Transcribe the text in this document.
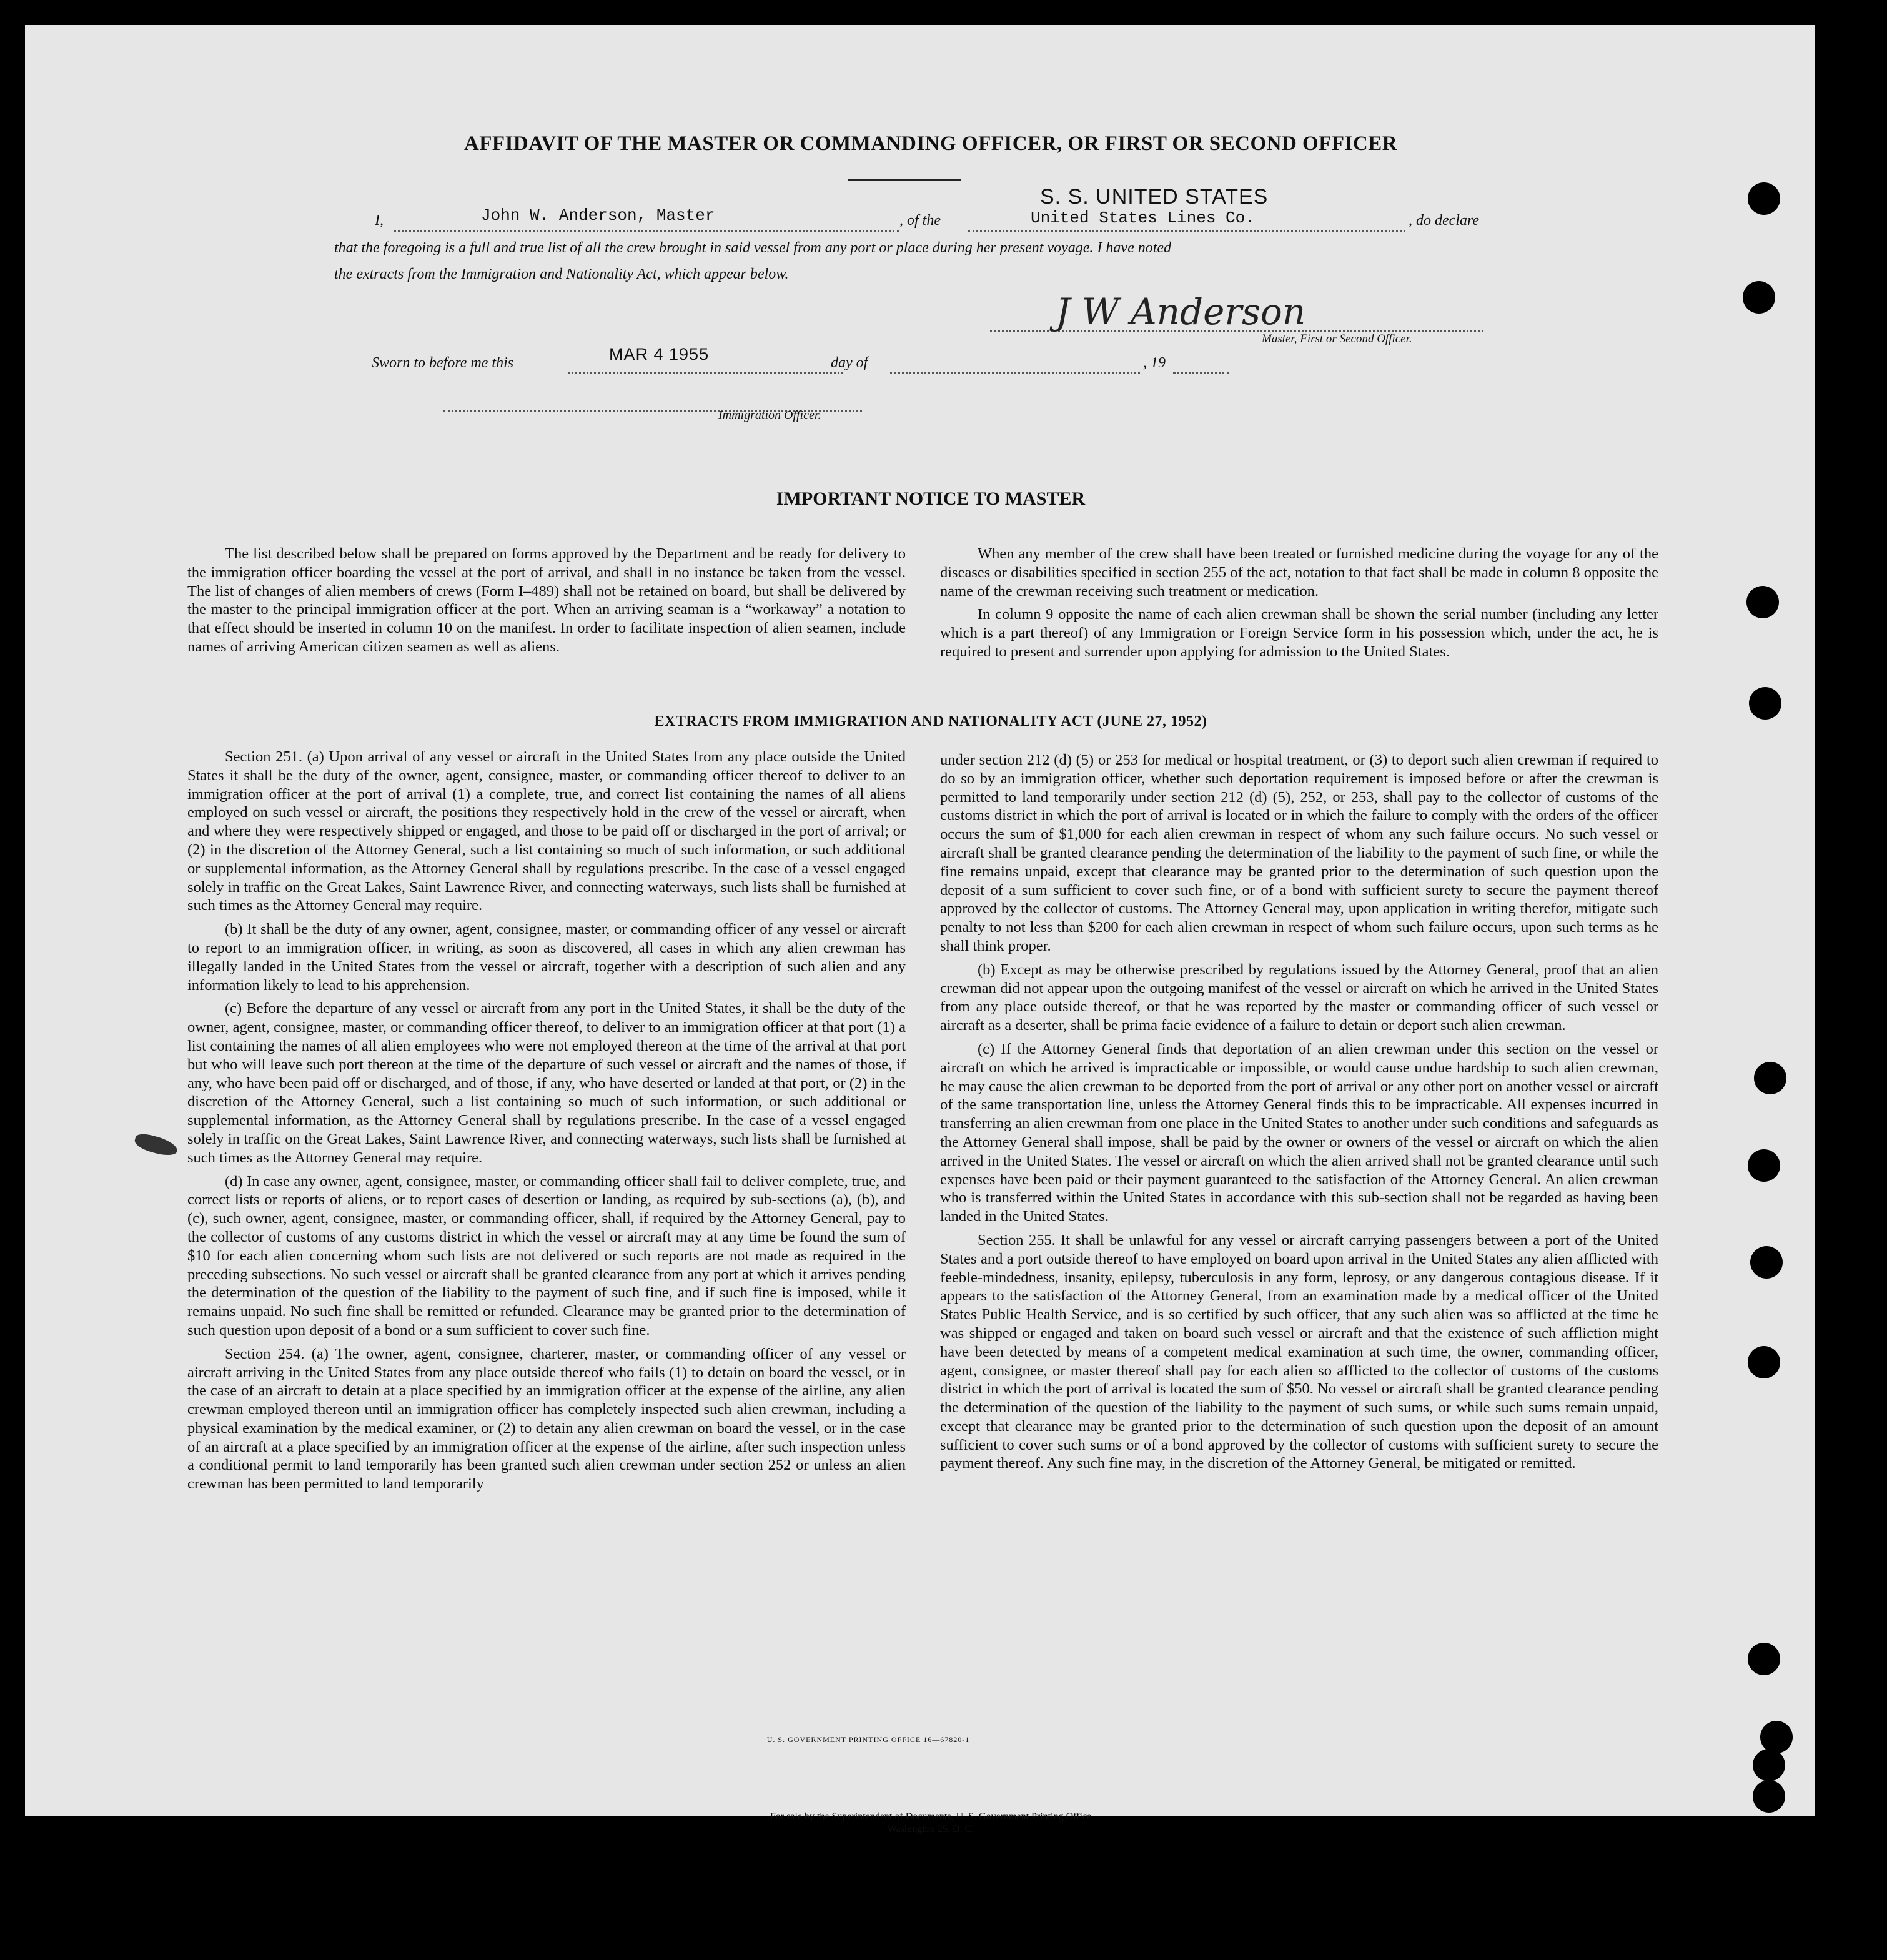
AFFIDAVIT OF THE MASTER OR COMMANDING OFFICER, OR FIRST OR SECOND OFFICER
I,	John W. Anderson, Master	, of the
S. S. UNITED STATES
United States Lines Co.	, do declare
that the foregoing is a full and true list of all the crew brought in said vessel from any port or place during her present voyage. I have noted
the extracts from the Immigration and Nationality Act, which appear below.
J W Anderson
Master, First or Second Officer.
Sworn to before me this	MAR 4 1955	day of	, 19
Immigration Officer.
IMPORTANT NOTICE TO MASTER

The list described below shall be prepared on forms approved by the Department and be ready for delivery to the immigration officer boarding the vessel at the port of arrival, and shall in no instance be taken from the vessel. The list of changes of alien members of crews (Form I–489) shall not be retained on board, but shall be delivered by the master to the principal immigration officer at the port. When an arriving seaman is a “workaway” a notation to that effect should be inserted in column 10 on the manifest. In order to facilitate inspection of alien seamen, include names of arriving American citizen seamen as well as aliens.

When any member of the crew shall have been treated or furnished medicine during the voyage for any of the diseases or disabilities specified in section 255 of the act, notation to that fact shall be made in column 8 opposite the name of the crewman receiving such treatment or medication.

In column 9 opposite the name of each alien crewman shall be shown the serial number (including any letter which is a part thereof) of any Immigration or Foreign Service form in his possession which, under the act, he is required to present and surrender upon applying for admission to the United States.

EXTRACTS FROM IMMIGRATION AND NATIONALITY ACT (JUNE 27, 1952)

Section 251. (a) Upon arrival of any vessel or aircraft in the United States from any place outside the United States it shall be the duty of the owner, agent, consignee, master, or commanding officer thereof to deliver to an immigration officer at the port of arrival (1) a complete, true, and correct list containing the names of all aliens employed on such vessel or aircraft, the positions they respectively hold in the crew of the vessel or aircraft, when and where they were respectively shipped or engaged, and those to be paid off or discharged in the port of arrival; or (2) in the discretion of the Attorney General, such a list containing so much of such information, or such additional or supplemental information, as the Attorney General shall by regulations prescribe. In the case of a vessel engaged solely in traffic on the Great Lakes, Saint Lawrence River, and connecting waterways, such lists shall be furnished at such times as the Attorney General may require.

(b) It shall be the duty of any owner, agent, consignee, master, or commanding officer of any vessel or aircraft to report to an immigration officer, in writing, as soon as discovered, all cases in which any alien crewman has illegally landed in the United States from the vessel or aircraft, together with a description of such alien and any information likely to lead to his apprehension.

(c) Before the departure of any vessel or aircraft from any port in the United States, it shall be the duty of the owner, agent, consignee, master, or commanding officer thereof, to deliver to an immigration officer at that port (1) a list containing the names of all alien employees who were not employed thereon at the time of the arrival at that port but who will leave such port thereon at the time of the departure of such vessel or aircraft and the names of those, if any, who have been paid off or discharged, and of those, if any, who have deserted or landed at that port, or (2) in the discretion of the Attorney General, such a list containing so much of such information, or such additional or supplemental information, as the Attorney General shall by regulations prescribe. In the case of a vessel engaged solely in traffic on the Great Lakes, Saint Lawrence River, and connecting waterways, such lists shall be furnished at such times as the Attorney General may require.

(d) In case any owner, agent, consignee, master, or commanding officer shall fail to deliver complete, true, and correct lists or reports of aliens, or to report cases of desertion or landing, as required by sub-sections (a), (b), and (c), such owner, agent, consignee, master, or commanding officer, shall, if required by the Attorney General, pay to the collector of customs of any customs district in which the vessel or aircraft may at any time be found the sum of $10 for each alien concerning whom such lists are not delivered or such reports are not made as required in the preceding subsections. No such vessel or aircraft shall be granted clearance from any port at which it arrives pending the determination of the question of the liability to the payment of such fine, and if such fine is imposed, while it remains unpaid. No such fine shall be remitted or refunded. Clearance may be granted prior to the determination of such question upon deposit of a bond or a sum sufficient to cover such fine.

Section 254. (a) The owner, agent, consignee, charterer, master, or commanding officer of any vessel or aircraft arriving in the United States from any place outside thereof who fails (1) to detain on board the vessel, or in the case of an aircraft to detain at a place specified by an immigration officer at the expense of the airline, any alien crewman employed thereon until an immigration officer has completely inspected such alien crewman, including a physical examination by the medical examiner, or (2) to detain any alien crewman on board the vessel, or in the case of an aircraft at a place specified by an immigration officer at the expense of the airline, after such inspection unless a conditional permit to land temporarily has been granted such alien crewman under section 252 or unless an alien crewman has been permitted to land temporarily

under section 212 (d) (5) or 253 for medical or hospital treatment, or (3) to deport such alien crewman if required to do so by an immigration officer, whether such deportation requirement is imposed before or after the crewman is permitted to land temporarily under section 212 (d) (5), 252, or 253, shall pay to the collector of customs of the customs district in which the port of arrival is located or in which the failure to comply with the orders of the officer occurs the sum of $1,000 for each alien crewman in respect of whom any such failure occurs. No such vessel or aircraft shall be granted clearance pending the determination of the liability to the payment of such fine, or while the fine remains unpaid, except that clearance may be granted prior to the determination of such question upon the deposit of a sum sufficient to cover such fine, or of a bond with sufficient surety to secure the payment thereof approved by the collector of customs. The Attorney General may, upon application in writing therefor, mitigate such penalty to not less than $200 for each alien crewman in respect of whom such failure occurs, upon such terms as he shall think proper.

(b) Except as may be otherwise prescribed by regulations issued by the Attorney General, proof that an alien crewman did not appear upon the outgoing manifest of the vessel or aircraft on which he arrived in the United States from any place outside thereof, or that he was reported by the master or commanding officer of such vessel or aircraft as a deserter, shall be prima facie evidence of a failure to detain or deport such alien crewman.

(c) If the Attorney General finds that deportation of an alien crewman under this section on the vessel or aircraft on which he arrived is impracticable or impossible, or would cause undue hardship to such alien crewman, he may cause the alien crewman to be deported from the port of arrival or any other port on another vessel or aircraft of the same transportation line, unless the Attorney General finds this to be impracticable. All expenses incurred in transferring an alien crewman from one place in the United States to another under such conditions and safeguards as the Attorney General shall impose, shall be paid by the owner or owners of the vessel or aircraft on which the alien arrived in the United States. The vessel or aircraft on which the alien arrived shall not be granted clearance until such expenses have been paid or their payment guaranteed to the satisfaction of the Attorney General. An alien crewman who is transferred within the United States in accordance with this sub-section shall not be regarded as having been landed in the United States.

Section 255. It shall be unlawful for any vessel or aircraft carrying passengers between a port of the United States and a port outside thereof to have employed on board upon arrival in the United States any alien afflicted with feeble-mindedness, insanity, epilepsy, tuberculosis in any form, leprosy, or any dangerous contagious disease. If it appears to the satisfaction of the Attorney General, from an examination made by a medical officer of the United States Public Health Service, and is so certified by such officer, that any such alien was so afflicted at the time he was shipped or engaged and taken on board such vessel or aircraft and that the existence of such affliction might have been detected by means of a competent medical examination at such time, the owner, commanding officer, agent, consignee, or master thereof shall pay for each alien so afflicted to the collector of customs of the customs district in which the port of arrival is located the sum of $50. No vessel or aircraft shall be granted clearance pending the determination of the question of the liability to the payment of such sums, or while such sums remain unpaid, except that clearance may be granted prior to the determination of such question upon the deposit of an amount sufficient to cover such sums or of a bond approved by the collector of customs with sufficient surety to secure the payment thereof. Any such fine may, in the discretion of the Attorney General, be mitigated or remitted.

U. S. GOVERNMENT PRINTING OFFICE 16—67820-1
For sale by the Superintendent of Documents, U. S. Government Printing Office
Washington 25, D. C.
